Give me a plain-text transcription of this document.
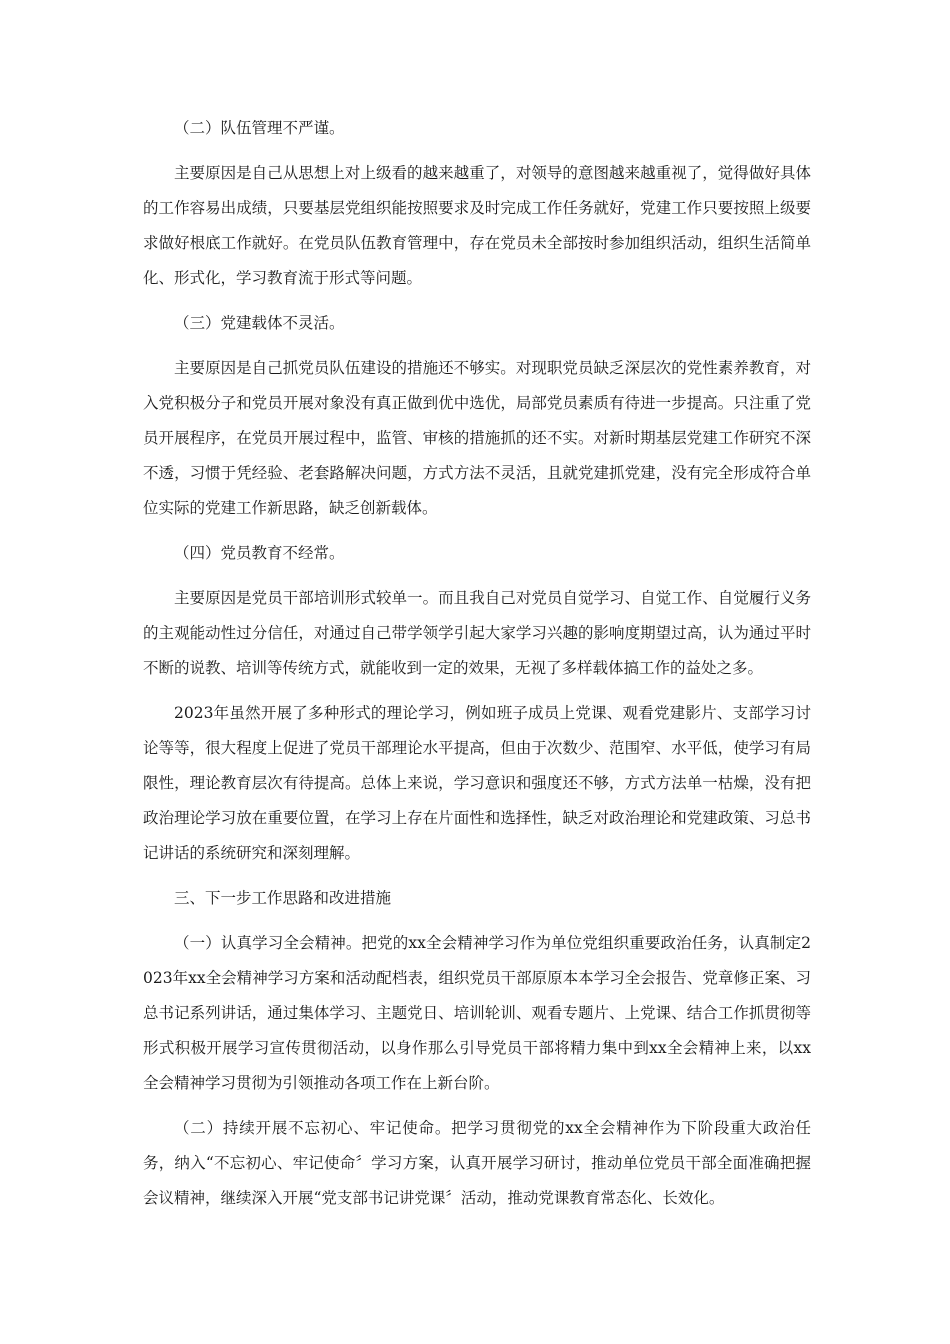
（二）队伍管理不严谨。

主要原因是自己从思想上对上级看的越来越重了，对领导的意图越来越重视了，觉得做好具体的工作容易出成绩，只要基层党组织能按照要求及时完成工作任务就好，党建工作只要按照上级要求做好根底工作就好。在党员队伍教育管理中，存在党员未全部按时参加组织活动，组织生活简单化、形式化，学习教育流于形式等问题。

（三）党建载体不灵活。

主要原因是自己抓党员队伍建设的措施还不够实。对现职党员缺乏深层次的党性素养教育，对入党积极分子和党员开展对象没有真正做到优中选优，局部党员素质有待进一步提高。只注重了党员开展程序，在党员开展过程中，监管、审核的措施抓的还不实。对新时期基层党建工作研究不深不透，习惯于凭经验、老套路解决问题，方式方法不灵活，且就党建抓党建，没有完全形成符合单位实际的党建工作新思路，缺乏创新载体。

（四）党员教育不经常。

主要原因是党员干部培训形式较单一。而且我自己对党员自觉学习、自觉工作、自觉履行义务的主观能动性过分信任，对通过自己带学领学引起大家学习兴趣的影响度期望过高，认为通过平时不断的说教、培训等传统方式，就能收到一定的效果，无视了多样载体搞工作的益处之多。

2023年虽然开展了多种形式的理论学习，例如班子成员上党课、观看党建影片、支部学习讨论等等，很大程度上促进了党员干部理论水平提高，但由于次数少、范围窄、水平低，使学习有局限性，理论教育层次有待提高。总体上来说，学习意识和强度还不够，方式方法单一枯燥，没有把政治理论学习放在重要位置，在学习上存在片面性和选择性，缺乏对政治理论和党建政策、习总书记讲话的系统研究和深刻理解。

三、下一步工作思路和改进措施

（一）认真学习全会精神。把党的xx全会精神学习作为单位党组织重要政治任务，认真制定2023年xx全会精神学习方案和活动配档表，组织党员干部原原本本学习全会报告、党章修正案、习总书记系列讲话，通过集体学习、主题党日、培训轮训、观看专题片、上党课、结合工作抓贯彻等形式积极开展学习宣传贯彻活动，以身作那么引导党员干部将精力集中到xx全会精神上来，以xx全会精神学习贯彻为引领推动各项工作在上新台阶。

（二）持续开展不忘初心、牢记使命。把学习贯彻党的xx全会精神作为下阶段重大政治任务，纳入“不忘初心、牢记使命〞学习方案，认真开展学习研讨，推动单位党员干部全面准确把握会议精神，继续深入开展“党支部书记讲党课〞活动，推动党课教育常态化、长效化。
